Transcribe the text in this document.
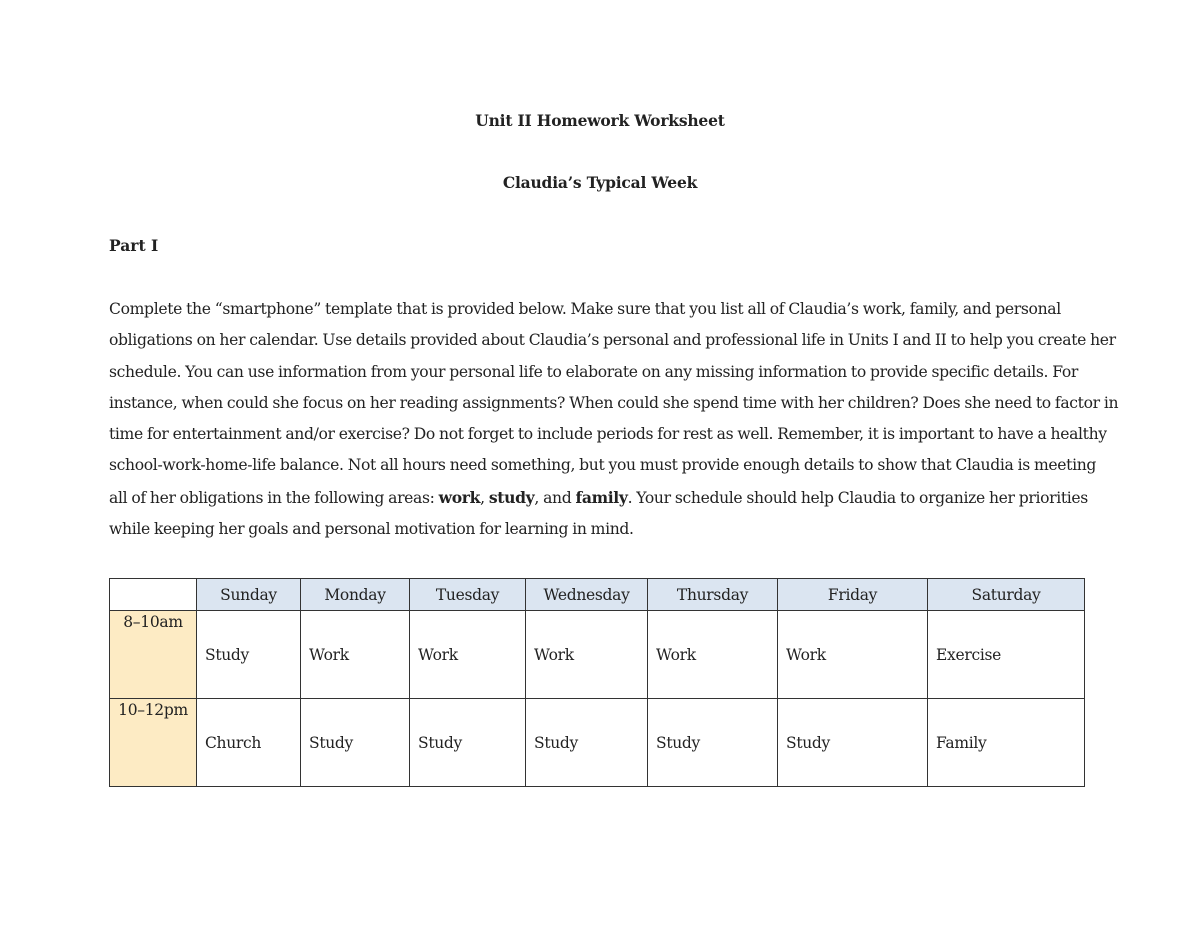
Unit II Homework Worksheet
Claudia’s Typical Week
Part I
Complete the “smartphone” template that is provided below. Make sure that you list all of Claudia’s work, family, and personal
obligations on her calendar. Use details provided about Claudia’s personal and professional life in Units I and II to help you create her
schedule. You can use information from your personal life to elaborate on any missing information to provide specific details. For
instance, when could she focus on her reading assignments? When could she spend time with her children? Does she need to factor in
time for entertainment and/or exercise? Do not forget to include periods for rest as well. Remember, it is important to have a healthy
school-work-home-life balance. Not all hours need something, but you must provide enough details to show that Claudia is meeting
all of her obligations in the following areas: work, study, and family. Your schedule should help Claudia to organize her priorities
while keeping her goals and personal motivation for learning in mind.
	Sunday	Monday	Tuesday	Wednesday	Thursday	Friday	Saturday
8–10am	Study	Work	Work	Work	Work	Work	Exercise
10–12pm	Church	Study	Study	Study	Study	Study	Family
